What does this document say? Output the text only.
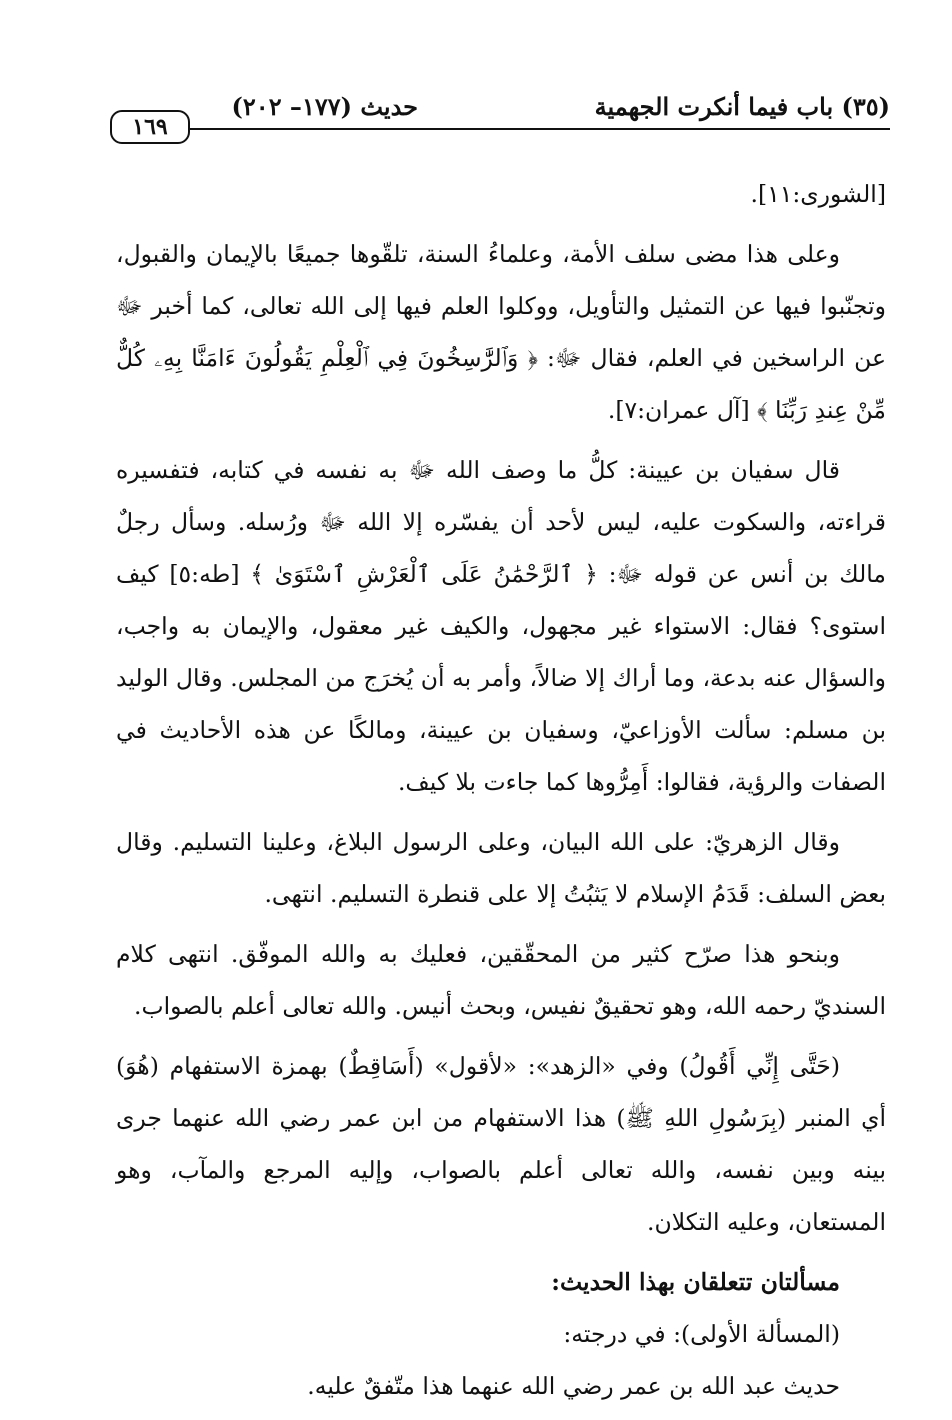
١٦٩
حديث (١٧٧– ٢٠٢)	(٣٥) باب فيما أنكرت الجهمية

[الشورى:١١].

وعلى هذا مضى سلف الأمة، وعلماءُ السنة، تلقّوها جميعًا بالإيمان والقبول، وتجنّبوا فيها عن التمثيل والتأويل، ووكلوا العلم فيها إلى الله تعالى، كما أخبر ﷻ عن الراسخين في العلم، فقال ﷻ: ﴿ وَٱلرَّٰسِخُونَ فِي ٱلْعِلْمِ يَقُولُونَ ءَامَنَّا بِهِۦ كُلٌّ مِّنْ عِندِ رَبِّنَا ﴾ [آل عمران:٧].

قال سفيان بن عيينة: كلُّ ما وصف الله ﷻ به نفسه في كتابه، فتفسيره قراءته، والسكوت عليه، ليس لأحد أن يفسّره إلا الله ﷻ ورُسله. وسأل رجلٌ مالك بن أنس عن قوله ﷻ: ﴿ ٱلرَّحْمَٰنُ عَلَى ٱلْعَرْشِ ٱسْتَوَىٰ ﴾ [طه:٥] كيف استوى؟ فقال: الاستواء غير مجهول، والكيف غير معقول، والإيمان به واجب، والسؤال عنه بدعة، وما أراك إلا ضالاً، وأمر به أن يُخرَج من المجلس. وقال الوليد بن مسلم: سألت الأوزاعيّ، وسفيان بن عيينة، ومالكًا عن هذه الأحاديث في الصفات والرؤية، فقالوا: أَمِرُّوها كما جاءت بلا كيف.

وقال الزهريّ: على الله البيان، وعلى الرسول البلاغ، وعلينا التسليم. وقال بعض السلف: قَدَمُ الإسلام لا يَثبُتُ إلا على قنطرة التسليم. انتهى.

وبنحو هذا صرّح كثير من المحقّقين، فعليك به والله الموفّق. انتهى كلام السنديّ رحمه الله، وهو تحقيقٌ نفيس، وبحث أنيس. والله تعالى أعلم بالصواب.

(حَتَّى إِنِّي أَقُولُ) وفي «الزهد»: «لأقول» (أَسَاقِطٌ) بهمزة الاستفهام (هُوَ) أي المنبر (بِرَسُولِ اللهِ ﷺ) هذا الاستفهام من ابن عمر رضي الله عنهما جرى بينه وبين نفسه، والله تعالى أعلم بالصواب، وإليه المرجع والمآب، وهو المستعان، وعليه التكلان.

مسألتان تتعلقان بهذا الحديث:

(المسألة الأولى): في درجته:

حديث عبد الله بن عمر رضي الله عنهما هذا متّفقٌ عليه.
